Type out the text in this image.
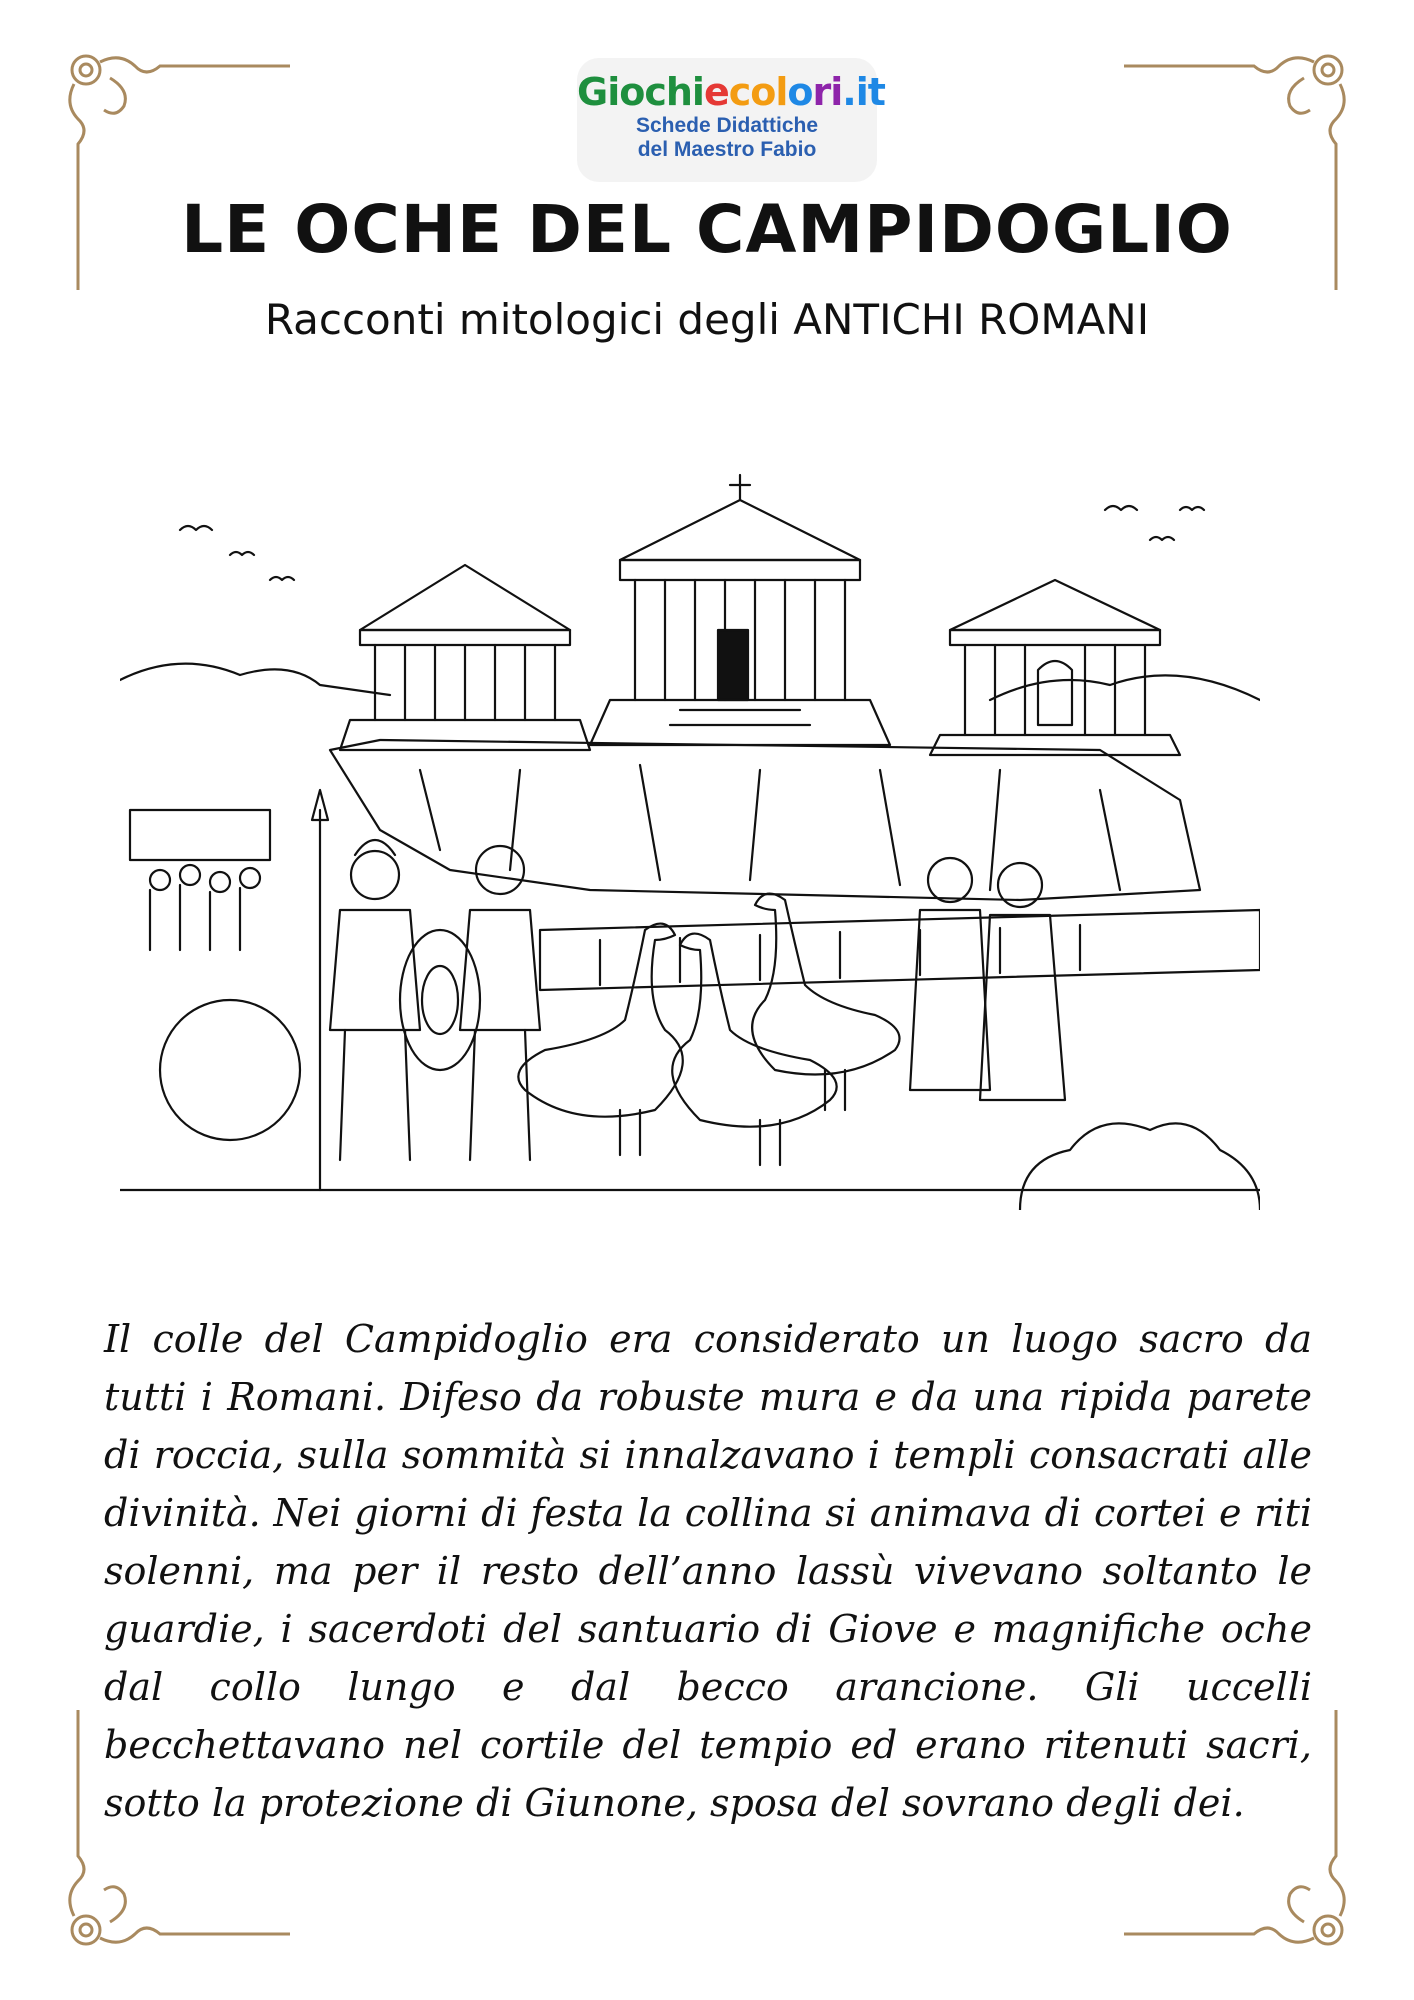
Giochiecolori.it
Schede Didattiche
del Maestro Fabio
LE OCHE DEL CAMPIDOGLIO
Racconti mitologici degli ANTICHI ROMANI

Il colle del Campidoglio era considerato un luogo sacro da tutti i Romani. Difeso da robuste mura e da una ripida parete di roccia, sulla sommità si innalzavano i templi consacrati alle divinità. Nei giorni di festa la collina si animava di cortei e riti solenni, ma per il resto dell’anno lassù vivevano soltanto le guardie, i sacerdoti del santuario di Giove e magnifiche oche dal collo lungo e dal becco arancione. Gli uccelli becchettavano nel cortile del tempio ed erano ritenuti sacri, sotto la protezione di Giunone, sposa del sovrano degli dei.
